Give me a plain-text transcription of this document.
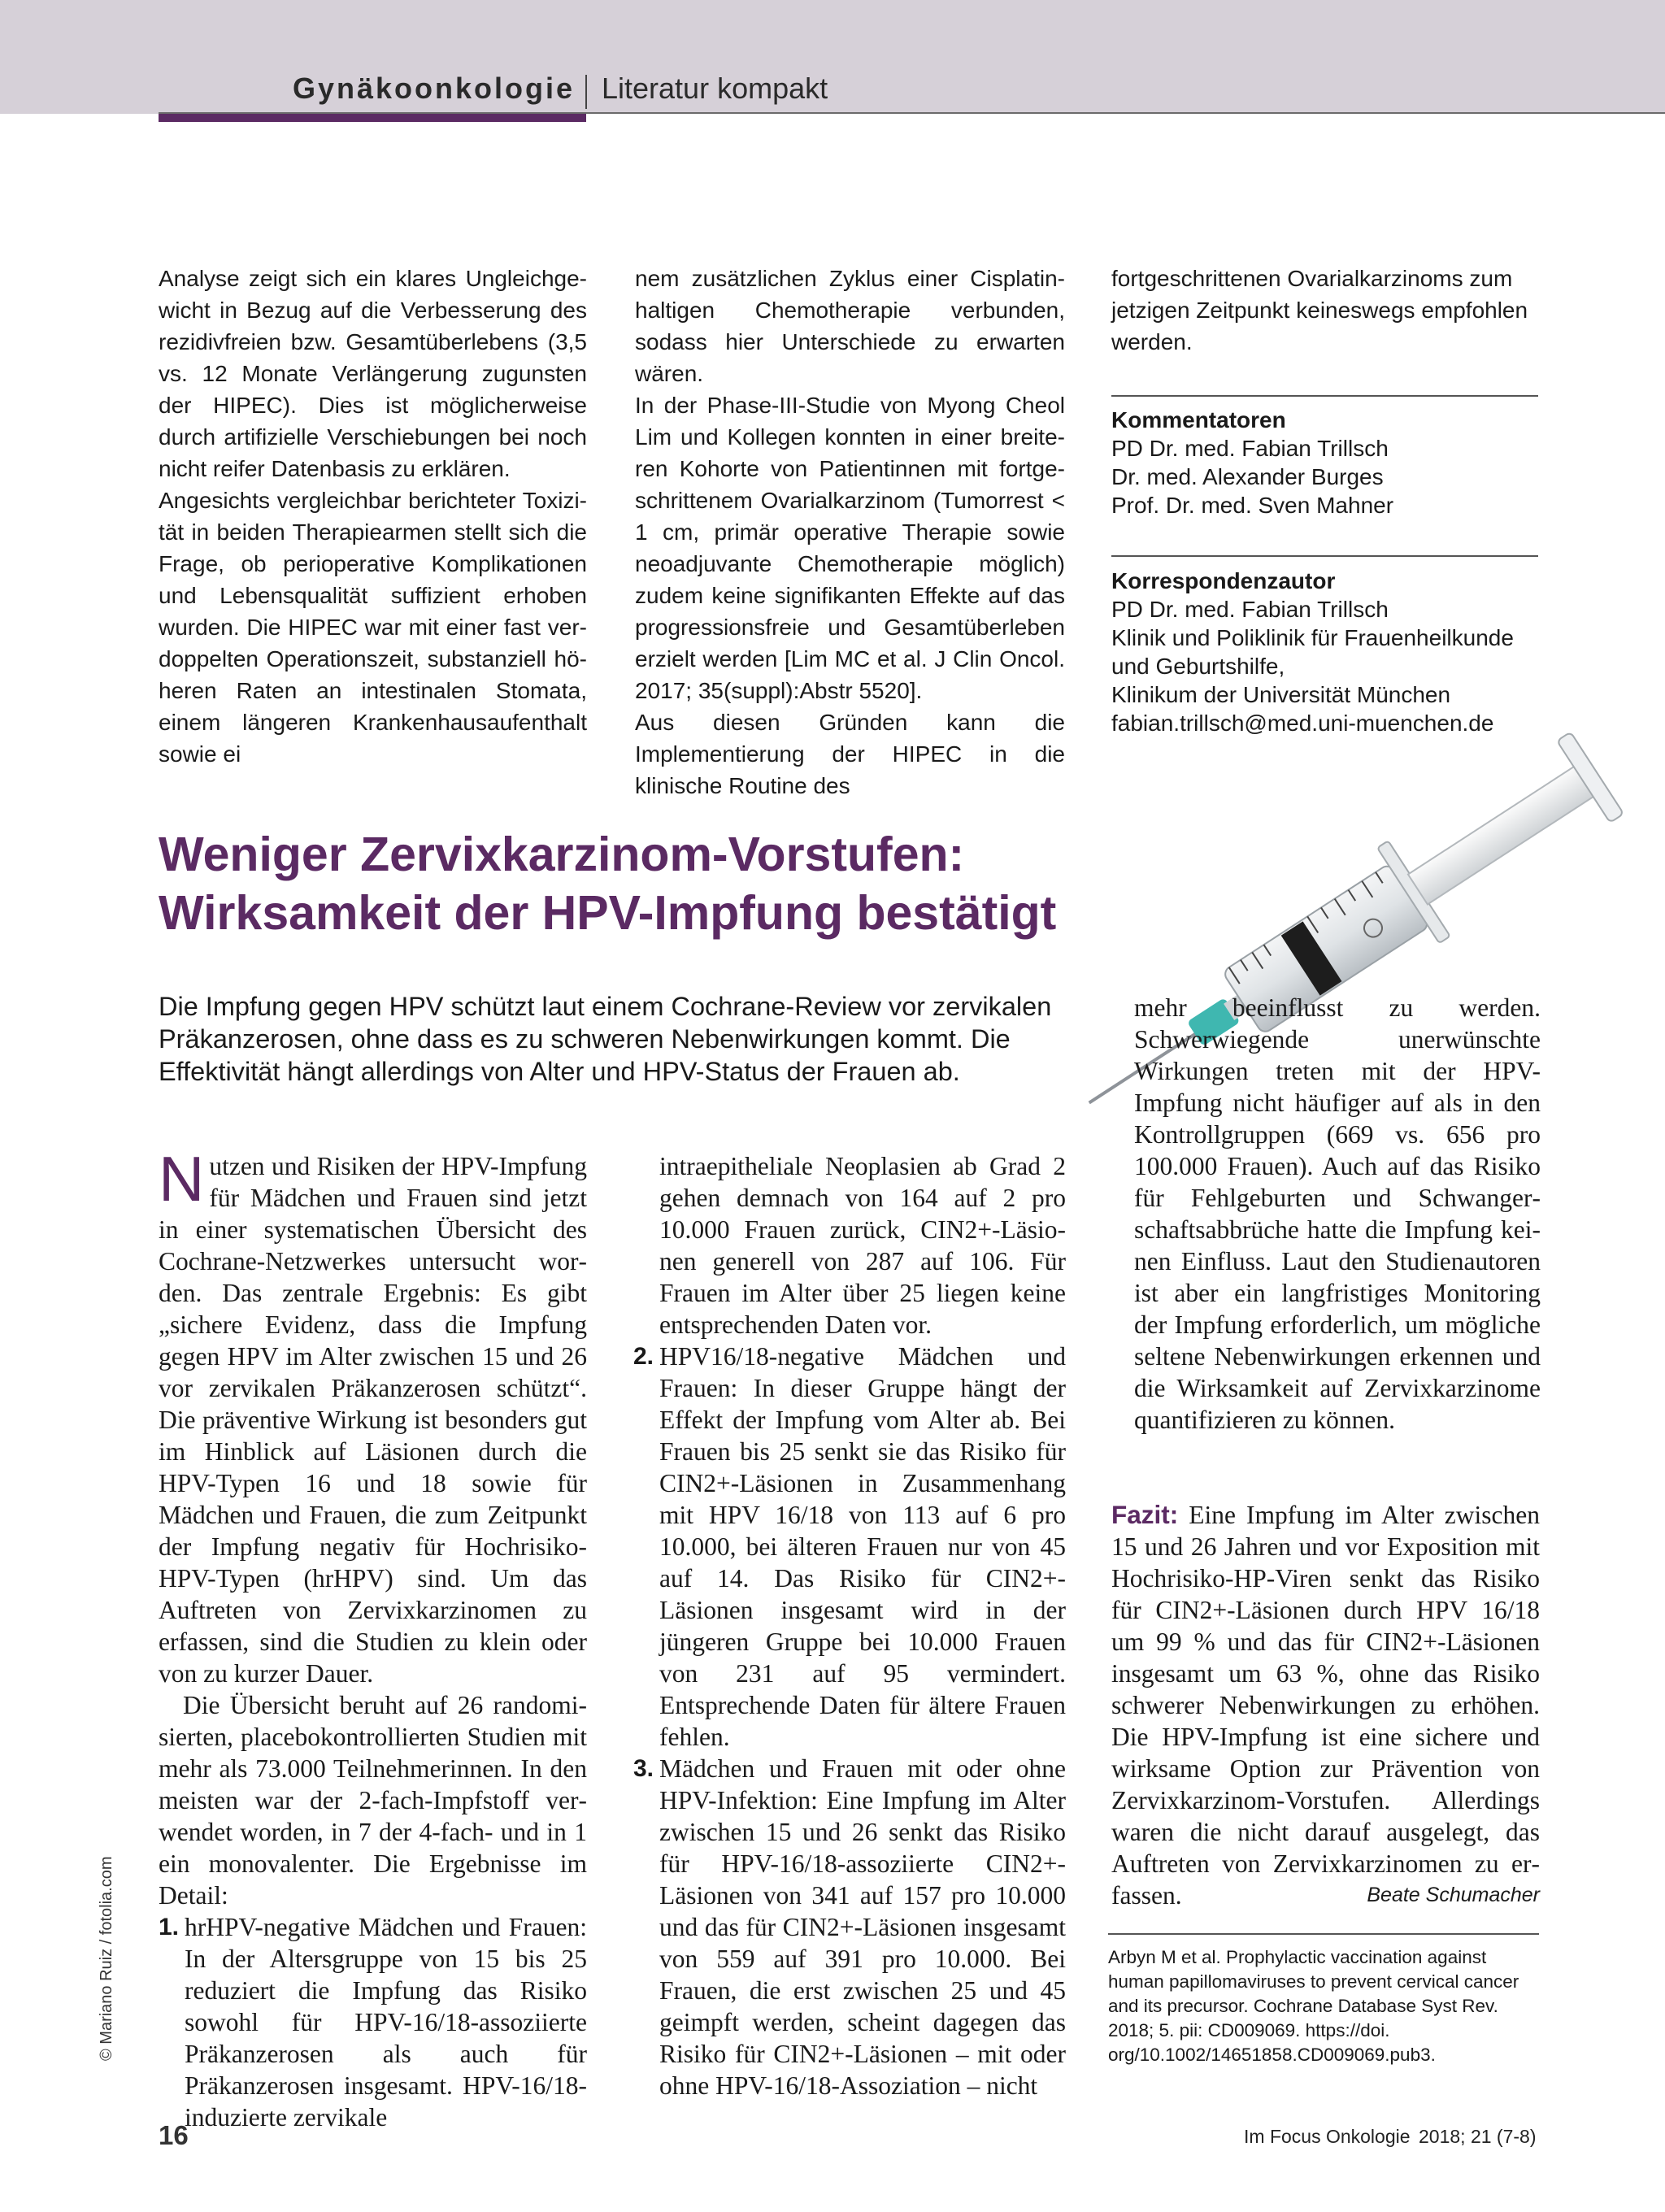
Gynäkoonkologie Literatur kompakt

Analyse zeigt sich ein klares Ungleichgewicht in Bezug auf die Verbesserung des rezidivfreien bzw. Gesamtüberlebens (3,5 vs. 12 Monate Verlängerung zugunsten der HIPEC). Dies ist möglicherweise durch artifizielle Verschiebungen bei noch nicht reifer Datenbasis zu erklären.

Angesichts vergleichbar berichteter Toxizität in beiden Therapiearmen stellt sich die Frage, ob perioperative Komplikationen und Lebensqualität suffizient erhoben wurden. Die HIPEC war mit einer fast verdoppelten Operationszeit, substanziell höheren Raten an intestinalen Stomata, einem längeren Krankenhausaufenthalt sowie ei

nem zusätzlichen Zyklus einer Cisplatin-haltigen Chemotherapie verbunden, sodass hier Unterschiede zu erwarten wären.

In der Phase-III-Studie von Myong Cheol Lim und Kollegen konnten in einer breiteren Kohorte von Patientinnen mit fortgeschrittenem Ovarialkarzinom (Tumorrest < 1 cm, primär operative Therapie sowie neoadjuvante Chemotherapie möglich) zudem keine signifikanten Effekte auf das progressionsfreie und Gesamtüberleben erzielt werden [Lim MC et al. J Clin Oncol. 2017; 35(suppl):Abstr 5520].

Aus diesen Gründen kann die Implementierung der HIPEC in die klinische Routine des

fortgeschrittenen Ovarialkarzinoms zum jetzigen Zeitpunkt keineswegs empfohlen werden.

Kommentatoren
PD Dr. med. Fabian Trillsch
Dr. med. Alexander Burges
Prof. Dr. med. Sven Mahner
Korrespondenzautor
PD Dr. med. Fabian Trillsch
Klinik und Poliklinik für Frauenheilkunde
und Geburtshilfe,
Klinikum der Universität München
fabian.trillsch@med.uni-muenchen.de
Weniger Zervixkarzinom-Vorstufen:
Wirksamkeit der HPV-Impfung bestätigt
Die Impfung gegen HPV schützt laut einem Cochrane-Review vor zervikalen Präkanzerosen, ohne dass es zu schweren Nebenwirkungen kommt. Die Effektivität hängt allerdings von Alter und HPV-Status der Frauen ab.

Nutzen und Risiken der HPV-Impfung für Mädchen und Frauen sind jetzt in einer systematischen Übersicht des Cochrane-Netzwerkes untersucht worden. Das zentrale Ergebnis: Es gibt „sichere Evidenz, dass die Impfung gegen HPV im Alter zwischen 15 und 26 vor zervikalen Präkanzerosen schützt“. Die präventive Wirkung ist besonders gut im Hinblick auf Läsionen durch die HPV-Typen 16 und 18 sowie für Mädchen und Frauen, die zum Zeitpunkt der Impfung negativ für Hochrisiko-HPV-Typen (hrHPV) sind. Um das Auftreten von Zervixkarzinomen zu erfassen, sind die Studien zu klein oder von zu kurzer Dauer.

Die Übersicht beruht auf 26 randomisierten, placebokontrollierten Studien mit mehr als 73.000 Teilnehmerinnen. In den meisten war der 2-fach-Impfstoff verwendet worden, in 7 der 4-fach- und in 1 ein monovalenter. Die Ergebnisse im Detail:

1. hrHPV-negative Mädchen und Frauen: In der Altersgruppe von 15 bis 25 reduziert die Impfung das Risiko sowohl für HPV-16/18-assoziierte Präkanzerosen als auch für Präkanzerosen insgesamt. HPV-16/18-induzierte zervikale

intraepitheliale Neoplasien ab Grad 2 gehen demnach von 164 auf 2 pro 10.000 Frauen zurück, CIN2+-Läsionen generell von 287 auf 106. Für Frauen im Alter über 25 liegen keine entsprechenden Daten vor.

2. HPV16/18-negative Mädchen und Frauen: In dieser Gruppe hängt der Effekt der Impfung vom Alter ab. Bei Frauen bis 25 senkt sie das Risiko für CIN2+-Läsionen in Zusammenhang mit HPV 16/18 von 113 auf 6 pro 10.000, bei älteren Frauen nur von 45 auf 14. Das Risiko für CIN2+-Läsionen insgesamt wird in der jüngeren Gruppe bei 10.000 Frauen von 231 auf 95 vermindert. Entsprechende Daten für ältere Frauen fehlen.
3. Mädchen und Frauen mit oder ohne HPV-Infektion: Eine Impfung im Alter zwischen 15 und 26 senkt das Risiko für HPV-16/18-assoziierte CIN2+-Läsionen von 341 auf 157 pro 10.000 und das für CIN2+-Läsionen insgesamt von 559 auf 391 pro 10.000. Bei Frauen, die erst zwischen 25 und 45 geimpft werden, scheint dagegen das Risiko für CIN2+-Läsionen – mit oder ohne HPV-16/18-Assoziation – nicht

mehr beeinflusst zu werden. Schwerwiegende unerwünschte Wirkungen treten mit der HPV-Impfung nicht häufiger auf als in den Kontrollgruppen (669 vs. 656 pro 100.000 Frauen). Auch auf das Risiko für Fehlgeburten und Schwangerschaftsabbrüche hatte die Impfung keinen Einfluss. Laut den Studienautoren ist aber ein langfristiges Monitoring der Impfung erforderlich, um mögliche seltene Nebenwirkungen erkennen und die Wirksamkeit auf Zervixkarzinome quantifizieren zu können.

Fazit: Eine Impfung im Alter zwischen 15 und 26 Jahren und vor Exposition mit Hochrisiko-HP-Viren senkt das Risiko für CIN2+-Läsionen durch HPV 16/18 um 99 % und das für CIN2+-Läsionen insgesamt um 63 %, ohne das Risiko schwerer Nebenwirkungen zu erhöhen. Die HPV-Impfung ist eine sichere und wirksame Option zur Prävention von Zervixkarzinom-Vorstufen. Allerdings waren die nicht darauf ausgelegt, das Auftreten von Zervixkarzinomen zu erfassen.	Beate Schumacher

Arbyn M et al. Prophylactic vaccination against human papillomaviruses to prevent cervical cancer and its precursor. Cochrane Database Syst Rev. 2018; 5. pii: CD009069. https://doi. org/10.1002/14651858.CD009069.pub3.
© Mariano Ruiz / fotolia.com
16	Im Focus Onkologie 2018; 21 (7-8)
